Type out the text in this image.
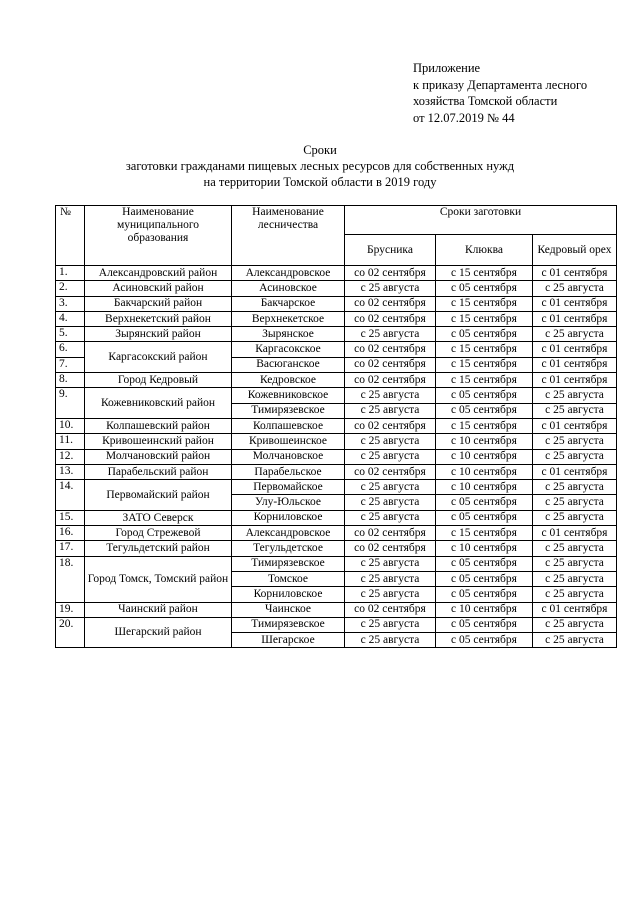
Приложение
к приказу Департамента лесного
хозяйства Томской области
от 12.07.2019 № 44
Сроки
заготовки гражданами пищевых лесных ресурсов для собственных нужд
на территории Томской области в 2019 году
№	Наименование муниципального образования	Наименование лесничества	Сроки заготовки		
			Брусника	Клюква	Кедровый орех
1.	Александровский район	Александровское	со 02 сентября	с 15 сентября	с 01 сентября
2.	Асиновский район	Асиновское	с 25 августа	с 05 сентября	с 25 августа
3.	Бакчарский район	Бакчарское	со 02 сентября	с 15 сентября	с 01 сентября
4.	Верхнекетский район	Верхнекетское	со 02 сентября	с 15 сентября	с 01 сентября
5.	Зырянский район	Зырянское	с 25 августа	с 05 сентября	с 25 августа
6.	Каргасокский район	Каргасокское	со 02 сентября	с 15 сентября	с 01 сентября
7.		Васюганское	со 02 сентября	с 15 сентября	с 01 сентября
8.	Город Кедровый	Кедровское	со 02 сентября	с 15 сентября	с 01 сентября
9.	Кожевниковский район	Кожевниковское	с 25 августа	с 05 сентября	с 25 августа
		Тимирязевское	с 25 августа	с 05 сентября	с 25 августа
10.	Колпашевский район	Колпашевское	со 02 сентября	с 15 сентября	с 01 сентября
11.	Кривошеинский район	Кривошеинское	с 25 августа	с 10 сентября	с 25 августа
12.	Молчановский район	Молчановское	с 25 августа	с 10 сентября	с 25 августа
13.	Парабельский район	Парабельское	со 02 сентября	с 10 сентября	с 01 сентября
14.	Первомайский район	Первомайское	с 25 августа	с 10 сентября	с 25 августа
		Улу-Юльское	с 25 августа	с 05 сентября	с 25 августа
15.	ЗАТО Северск	Корниловское	с 25 августа	с 05 сентября	с 25 августа
16.	Город Стрежевой	Александровское	со 02 сентября	с 15 сентября	с 01 сентября
17.	Тегульдетский район	Тегульдетское	со 02 сентября	с 10 сентября	с 25 августа
18.	Город Томск, Томский район	Тимирязевское	с 25 августа	с 05 сентября	с 25 августа
		Томское	с 25 августа	с 05 сентября	с 25 августа
		Корниловское	с 25 августа	с 05 сентября	с 25 августа
19.	Чаинский район	Чаинское	со 02 сентября	с 10 сентября	с 01 сентября
20.	Шегарский район	Тимирязевское	с 25 августа	с 05 сентября	с 25 августа
		Шегарское	с 25 августа	с 05 сентября	с 25 августа
